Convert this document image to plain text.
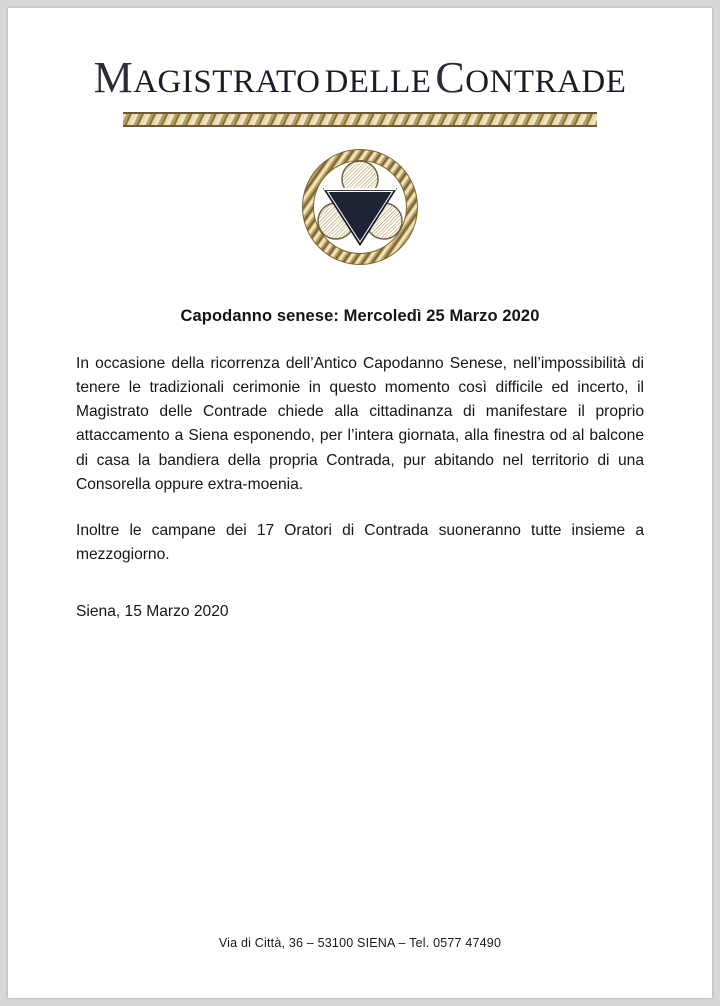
MAGISTRATO DELLECONTRADE
Capodanno senese: Mercoledì 25 Marzo 2020

In occasione della ricorrenza dell’Antico Capodanno Senese, nell’impossibilità di tenere le tradizionali cerimonie in questo momento così difficile ed incerto, il Magistrato delle Contrade chiede alla cittadinanza di manifestare il proprio attaccamento a Siena esponendo, per l’intera giornata, alla finestra od al balcone di casa la bandiera della propria Contrada, pur abitando nel territorio di una Consorella oppure extra-moenia.

Inoltre le campane dei 17 Oratori di Contrada suoneranno tutte insieme a mezzogiorno.

Siena, 15 Marzo 2020
Via di Città, 36 – 53100 SIENA – Tel. 0577 47490
